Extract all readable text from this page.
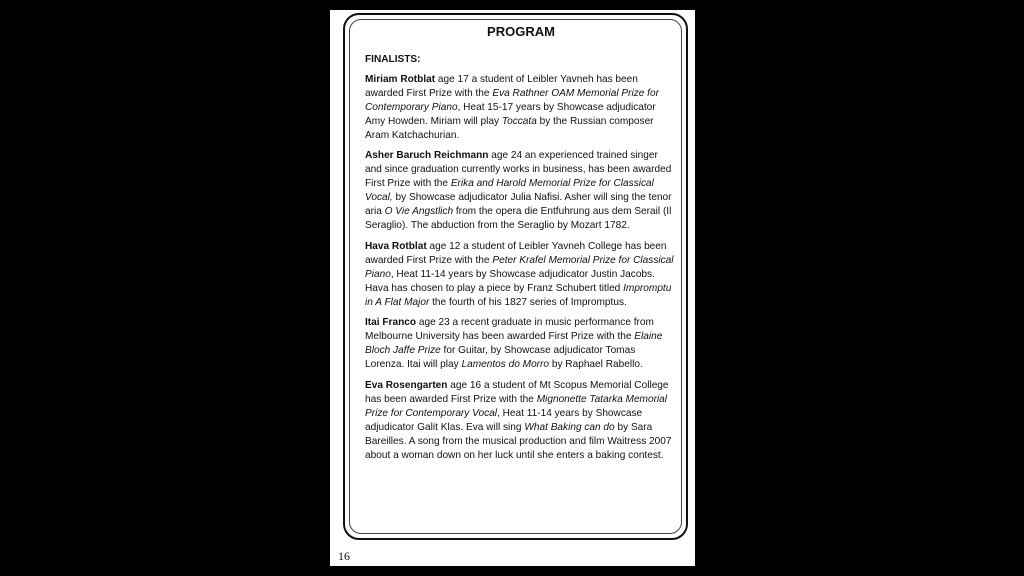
PROGRAM
FINALISTS:
Miriam Rotblat age 17 a student of Leibler Yavneh has been awarded First Prize with the Eva Rathner OAM Memorial Prize for Contemporary Piano, Heat 15-17 years by Showcase adjudicator Amy Howden. Miriam will play Toccata by the Russian composer Aram Katchachurian.
Asher Baruch Reichmann age 24 an experienced trained singer and since graduation currently works in business, has been awarded First Prize with the Erika and Harold Memorial Prize for Classical Vocal, by Showcase adjudicator Julia Nafisi. Asher will sing the tenor aria O Vie Angstlich from the opera die Entfuhrung aus dem Serail (Il Seraglio). The abduction from the Seraglio by Mozart 1782.
Hava Rotblat age 12 a student of Leibler Yavneh College has been awarded First Prize with the Peter Krafel Memorial Prize for Classical Piano, Heat 11-14 years by Showcase adjudicator Justin Jacobs. Hava has chosen to play a piece by Franz Schubert titled Impromptu in A Flat Major the fourth of his 1827 series of Impromptus.
Itai Franco age 23 a recent graduate in music performance from Melbourne University has been awarded First Prize with the Elaine Bloch Jaffe Prize for Guitar, by Showcase adjudicator Tomas Lorenza. Itai will play Lamentos do Morro by Raphael Rabello.
Eva Rosengarten age 16 a student of Mt Scopus Memorial College has been awarded First Prize with the Mignonette Tatarka Memorial Prize for Contemporary Vocal, Heat 11-14 years by Showcase adjudicator Galit Klas. Eva will sing What Baking can do by Sara Bareilles. A song from the musical production and film Waitress 2007 about a woman down on her luck until she enters a baking contest.
16
